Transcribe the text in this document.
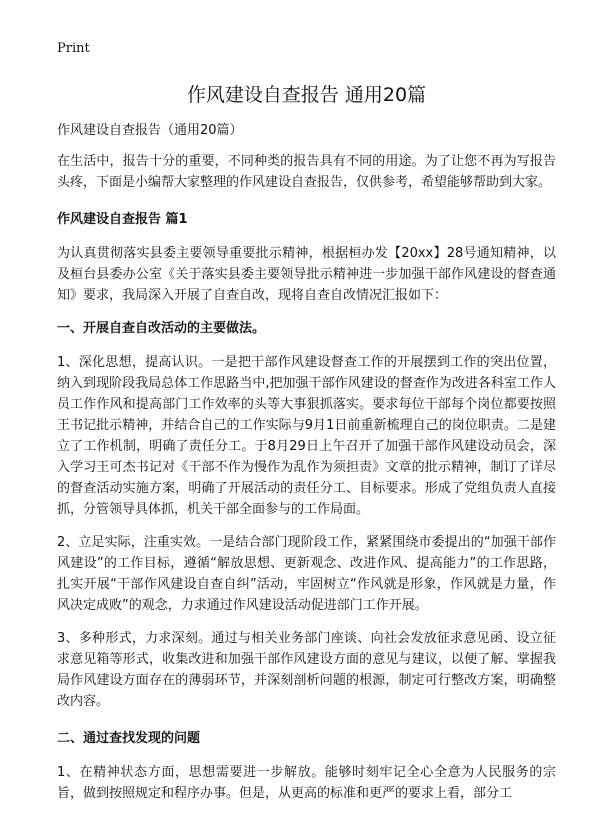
Print
作风建设自查报告 通用20篇

作风建设自查报告（通用20篇）

在生活中，报告十分的重要，不同种类的报告具有不同的用途。为了让您不再为写报告头疼，下面是小编帮大家整理的作风建设自查报告，仅供参考，希望能够帮助到大家。

作风建设自查报告 篇1

为认真贯彻落实县委主要领导重要批示精神，根据桓办发【20xx】28号通知精神，以及桓台县委办公室《关于落实县委主要领导批示精神进一步加强干部作风建设的督查通知》要求，我局深入开展了自查自改，现将自查自改情况汇报如下：

一、开展自查自改活动的主要做法。

1、深化思想，提高认识。一是把干部作风建设督查工作的开展摆到工作的突出位置，纳入到现阶段我局总体工作思路当中,把加强干部作风建设的督查作为改进各科室工作人员工作作风和提高部门工作效率的头等大事狠抓落实。要求每位干部每个岗位都要按照王书记批示精神，并结合自己的工作实际与9月1日前重新梳理自己的岗位职责。二是建立了工作机制，明确了责任分工。于8月29日上午召开了加强干部作风建设动员会，深入学习王可杰书记对《干部不作为慢作为乱作为须担责》文章的批示精神，制订了详尽的督查活动实施方案，明确了开展活动的责任分工、目标要求。形成了党组负责人直接抓，分管领导具体抓，机关干部全面参与的工作局面。

2、立足实际，注重实效。一是结合部门现阶段工作，紧紧围绕市委提出的“加强干部作风建设”的工作目标，遵循“解放思想、更新观念、改进作风、提高能力”的工作思路，扎实开展“干部作风建设自查自纠”活动，牢固树立“作风就是形象，作风就是力量，作风决定成败”的观念，力求通过作风建设活动促进部门工作开展。

3、多种形式，力求深刻。通过与相关业务部门座谈、向社会发放征求意见函、设立征求意见箱等形式，收集改进和加强干部作风建设方面的意见与建议，以便了解、掌握我局作风建设方面存在的薄弱环节，并深刻剖析问题的根源，制定可行整改方案，明确整改内容。

二、通过查找发现的问题

1、在精神状态方面，思想需要进一步解放。能够时刻牢记全心全意为人民服务的宗旨，做到按照规定和程序办事。但是，从更高的标准和更严的要求上看，部分工
